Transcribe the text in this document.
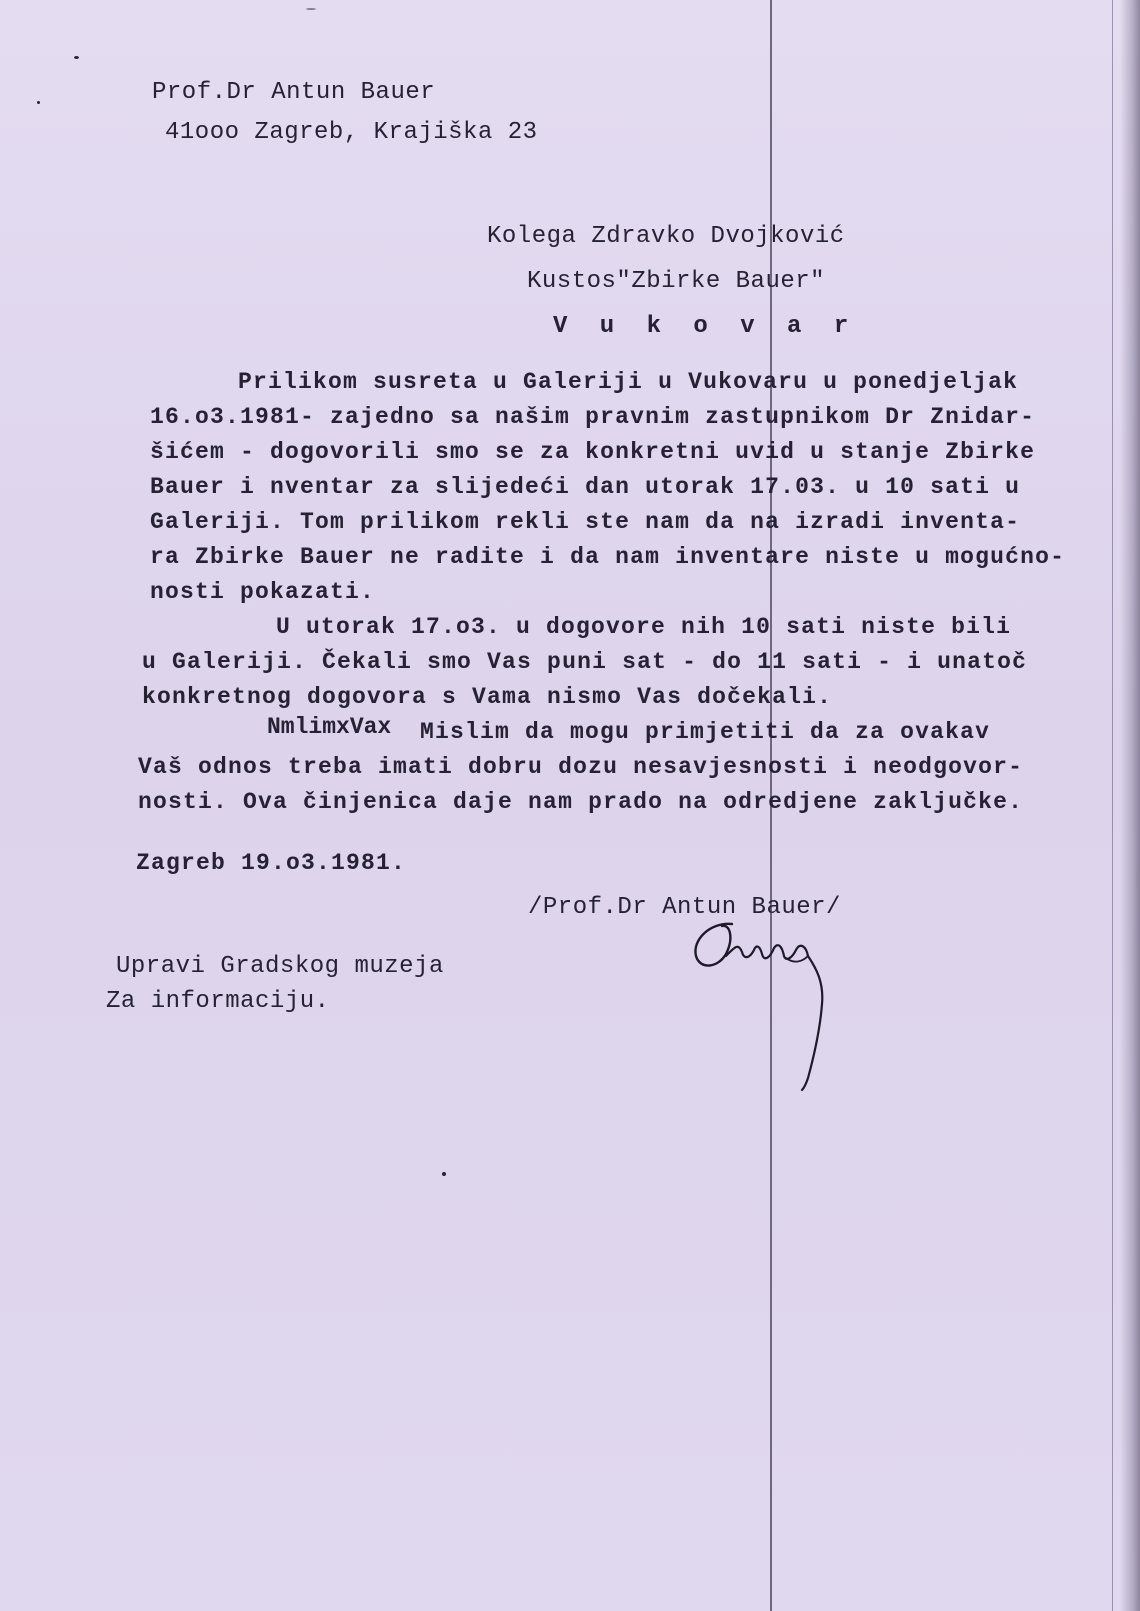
Prof.Dr Antun Bauer
41ooo Zagreb, Krajiška 23
Kolega Zdravko Dvojković
Kustos"Zbirke Bauer"
V u k o v a r
Prilikom susreta u Galeriji u Vukovaru u ponedjeljak
16.o3.1981- zajedno sa našim pravnim zastupnikom Dr Znidar-
šićem - dogovorili smo se za konkretni uvid u stanje Zbirke
Bauer i nventar za slijedeći dan utorak 17.03. u 10 sati u
Galeriji. Tom prilikom rekli ste nam da na izradi inventa-
ra Zbirke Bauer ne radite i da nam inventare niste u mogućno-
nosti pokazati.
U utorak 17.o3. u dogovore nih 10 sati niste bili
u Galeriji. Čekali smo Vas puni sat - do 11 sati - i unatoč
konkretnog dogovora s Vama nismo Vas dočekali.
NmlimxVax Mislim da mogu primjetiti da za ovakav
Vaš odnos treba imati dobru dozu nesavjesnosti i neodgovor-
nosti. Ova činjenica daje nam prado na odredjene zaključke.
Zagreb 19.o3.1981.
/Prof.Dr Antun Bauer/
Upravi Gradskog muzeja
Za informaciju.
